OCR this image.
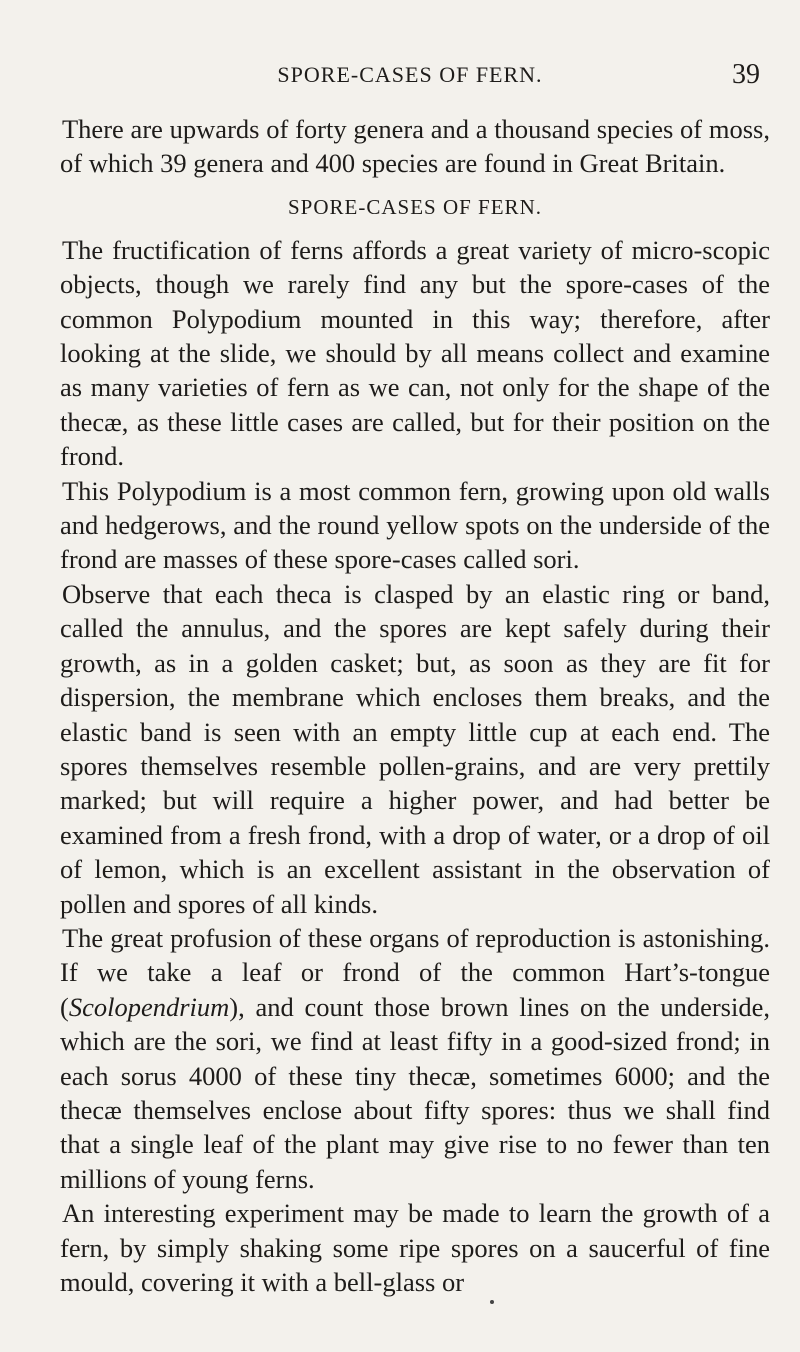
SPORE-CASES OF FERN.	39

There are upwards of forty genera and a thousand species of moss, of which 39 genera and 400 species are found in Great Britain.

SPORE-CASES OF FERN.

The fructification of ferns affords a great variety of micro-scopic objects, though we rarely find any but the spore-cases of the common Polypodium mounted in this way; therefore, after looking at the slide, we should by all means collect and examine as many varieties of fern as we can, not only for the shape of the thecæ, as these little cases are called, but for their position on the frond.

This Polypodium is a most common fern, growing upon old walls and hedgerows, and the round yellow spots on the underside of the frond are masses of these spore-cases called sori.

Observe that each theca is clasped by an elastic ring or band, called the annulus, and the spores are kept safely during their growth, as in a golden casket; but, as soon as they are fit for dispersion, the membrane which encloses them breaks, and the elastic band is seen with an empty little cup at each end. The spores themselves resemble pollen-grains, and are very prettily marked; but will require a higher power, and had better be examined from a fresh frond, with a drop of water, or a drop of oil of lemon, which is an excellent assistant in the observation of pollen and spores of all kinds.

The great profusion of these organs of reproduction is astonishing. If we take a leaf or frond of the common Hart’s-tongue (Scolopendrium), and count those brown lines on the underside, which are the sori, we find at least fifty in a good-sized frond; in each sorus 4000 of these tiny thecæ, sometimes 6000; and the thecæ themselves enclose about fifty spores: thus we shall find that a single leaf of the plant may give rise to no fewer than ten millions of young ferns.

An interesting experiment may be made to learn the growth of a fern, by simply shaking some ripe spores on a saucerful of fine mould, covering it with a bell-glass or
